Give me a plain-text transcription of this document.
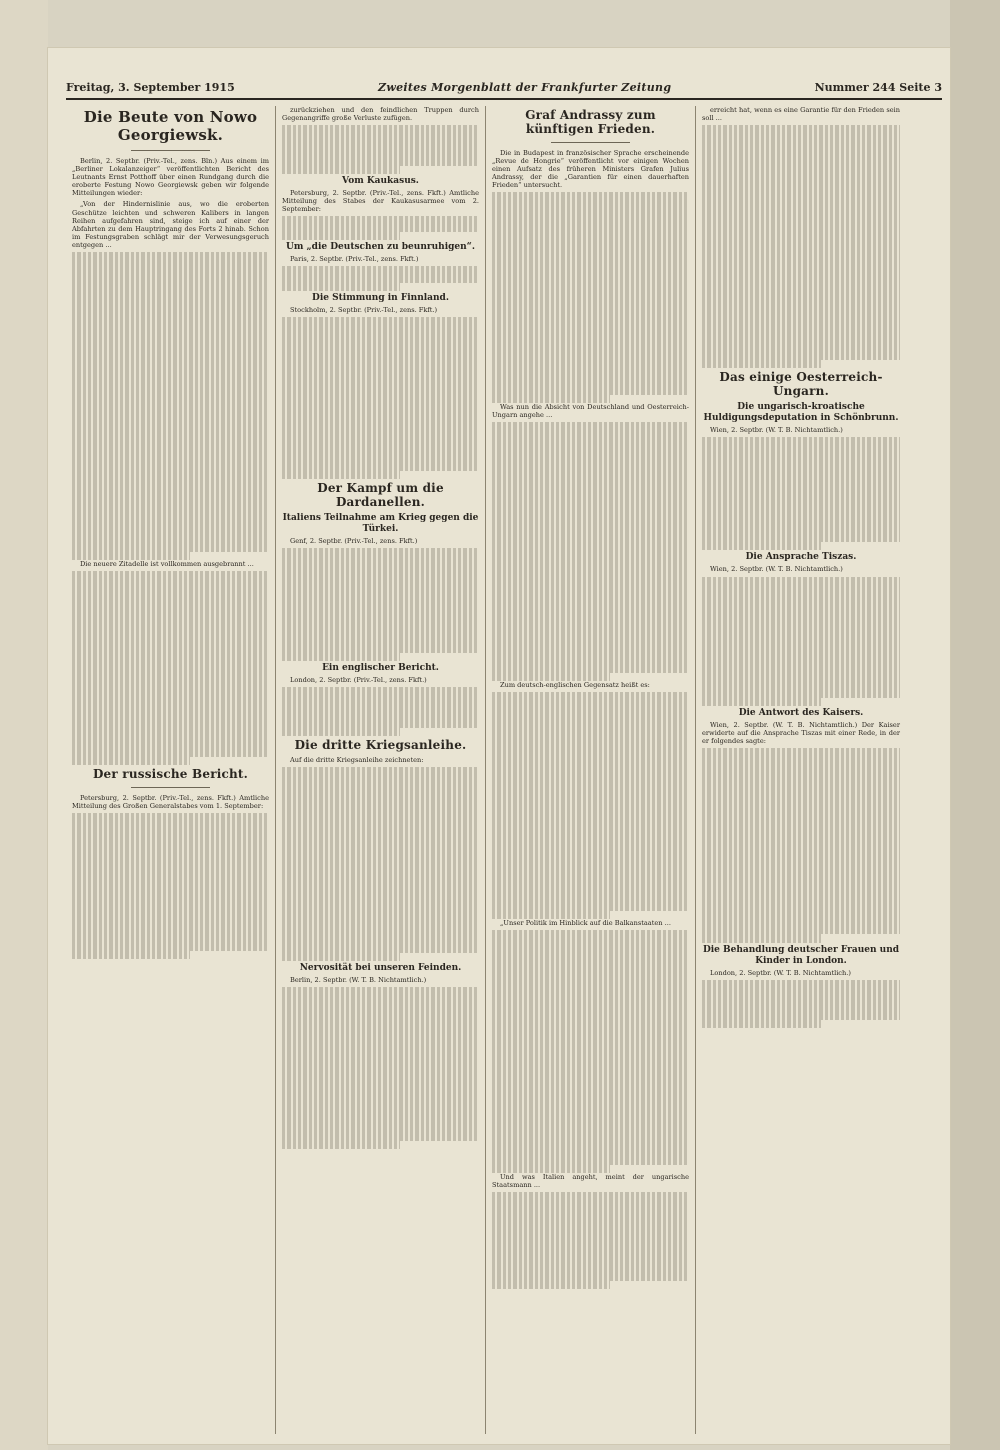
Freitag, 3. September 1915	Zweites Morgenblatt der Frankfurter Zeitung	Nummer 244 Seite 3
Die Beute von Nowo Georgiewsk.

Berlin, 2. Septbr. (Priv.-Tel., zens. Bln.) Aus einem im „Berliner Lokalanzeiger“ veröffentlichten Bericht des Leutnants Ernst Potthoff über einen Rundgang durch die eroberte Festung Nowo Georgiewsk geben wir folgende Mitteilungen wieder:

„Von der Hindernislinie aus, wo die eroberten Geschütze leichten und schweren Kalibers in langen Reihen aufgefahren sind, steige ich auf einer der Abfahrten zu dem Hauptringang des Forts 2 hinab. Schon im Festungsgraben schlägt mir der Verwesungsgeruch entgegen ...

Die neuere Zitadelle ist vollkommen ausgebrannt ...

Der russische Bericht.

Petersburg, 2. Septbr. (Priv.-Tel., zens. Fkft.) Amtliche Mitteilung des Großen Generalstabes vom 1. September:

zurückziehen und den feindlichen Truppen durch Gegenangriffe große Verluste zufügen.

Vom Kaukasus.

Petersburg, 2. Septbr. (Priv.-Tel., zens. Fkft.) Amtliche Mitteilung des Stabes der Kaukasusarmee vom 2. September:

Um „die Deutschen zu beunruhigen“.

Paris, 2. Septbr. (Priv.-Tel., zens. Fkft.)

Die Stimmung in Finnland.

Stockholm, 2. Septbr. (Priv.-Tel., zens. Fkft.)

Der Kampf um die Dardanellen.
Italiens Teilnahme am Krieg gegen die Türkei.

Genf, 2. Septbr. (Priv.-Tel., zens. Fkft.)

Ein englischer Bericht.

London, 2. Septbr. (Priv.-Tel., zens. Fkft.)

Die dritte Kriegsanleihe.

Auf die dritte Kriegsanleihe zeichneten:

Nervosität bei unseren Feinden.

Berlin, 2. Septbr. (W. T. B. Nichtamtlich.)

Graf Andrassy zum künftigen Frieden.

Die in Budapest in französischer Sprache erscheinende „Revue de Hongrie“ veröffentlicht vor einigen Wochen einen Aufsatz des früheren Ministers Grafen Julius Andrassy, der die „Garantien für einen dauerhaften Frieden“ untersucht.

Was nun die Absicht von Deutschland und Oesterreich-Ungarn angehe ...

Zum deutsch-englischen Gegensatz heißt es:

„Unser Politik im Hinblick auf die Balkanstaaten ...

Und was Italien angeht, meint der ungarische Staatsmann ...

erreicht hat, wenn es eine Garantie für den Frieden sein soll ...

Das einige Oesterreich-Ungarn.
Die ungarisch-kroatische Huldigungsdeputation in Schönbrunn.

Wien, 2. Septbr. (W. T. B. Nichtamtlich.)

Die Ansprache Tiszas.

Wien, 2. Septbr. (W. T. B. Nichtamtlich.)

Die Antwort des Kaisers.

Wien, 2. Septbr. (W. T. B. Nichtamtlich.) Der Kaiser erwiderte auf die Ansprache Tiszas mit einer Rede, in der er folgendes sagte:

Die Behandlung deutscher Frauen und Kinder in London.

London, 2. Septbr. (W. T. B. Nichtamtlich.)
